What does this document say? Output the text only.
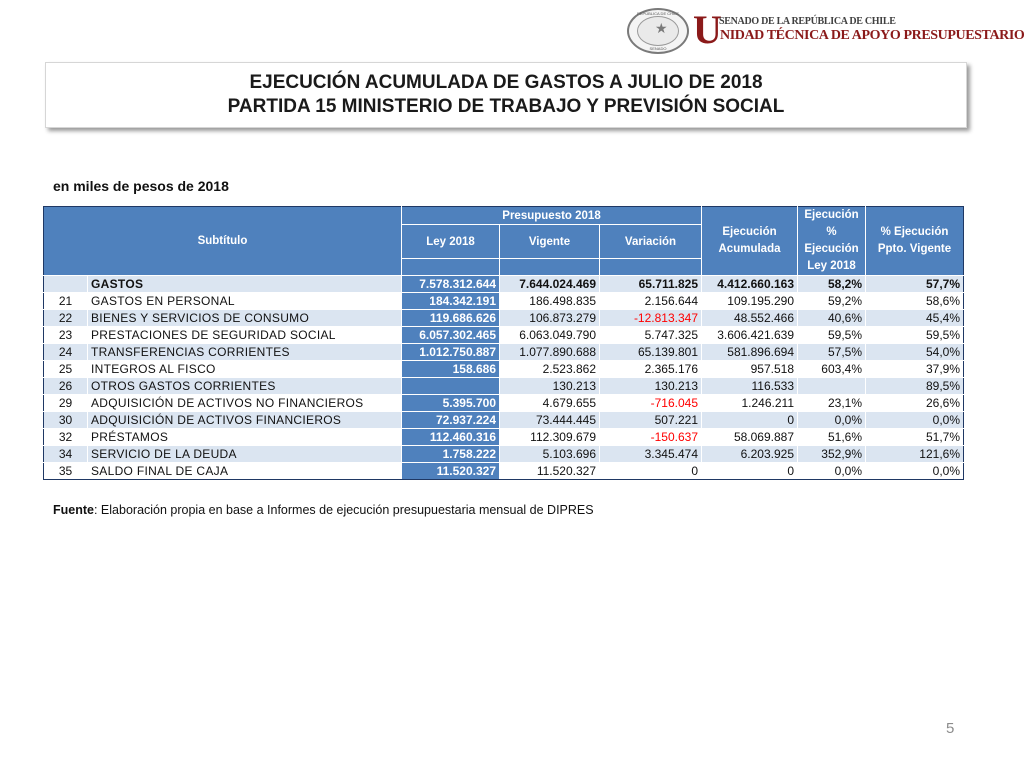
REPÚBLICA DE CHILE
★
SENADO U
SENADO DE LA REPÚBLICA DE CHILE
NIDAD TÉCNICA DE APOYO PRESUPUESTARIO
EJECUCIÓN ACUMULADA DE GASTOS A JULIO DE 2018
PARTIDA 15 MINISTERIO DE TRABAJO Y PREVISIÓN SOCIAL
en miles de pesos de 2018
Subtítulo		Presupuesto 2018			Ejecución Acumulada	Ejecución % Ejecución Ley 2018	% Ejecución Ppto. Vigente
		Ley 2018	Vigente	Variación			

	GASTOS	7.578.312.644	7.644.024.469	65.711.825	4.412.660.163	58,2%	57,7%
21	GASTOS EN PERSONAL	184.342.191	186.498.835	2.156.644	109.195.290	59,2%	58,6%
22	BIENES Y SERVICIOS DE CONSUMO	119.686.626	106.873.279	-12.813.347	48.552.466	40,6%	45,4%
23	PRESTACIONES DE SEGURIDAD SOCIAL	6.057.302.465	6.063.049.790	5.747.325	3.606.421.639	59,5%	59,5%
24	TRANSFERENCIAS CORRIENTES	1.012.750.887	1.077.890.688	65.139.801	581.896.694	57,5%	54,0%
25	INTEGROS AL FISCO	158.686	2.523.862	2.365.176	957.518	603,4%	37,9%
26	OTROS GASTOS CORRIENTES		130.213	130.213	116.533		89,5%
29	ADQUISICIÓN DE ACTIVOS NO FINANCIEROS	5.395.700	4.679.655	-716.045	1.246.211	23,1%	26,6%
30	ADQUISICIÓN DE ACTIVOS FINANCIEROS	72.937.224	73.444.445	507.221	0	0,0%	0,0%
32	PRÉSTAMOS	112.460.316	112.309.679	-150.637	58.069.887	51,6%	51,7%
34	SERVICIO DE LA DEUDA	1.758.222	5.103.696	3.345.474	6.203.925	352,9%	121,6%
35	SALDO FINAL DE CAJA	11.520.327	11.520.327	0	0	0,0%	0,0%
Fuente: Elaboración propia en base a Informes de ejecución presupuestaria mensual de DIPRES
5
